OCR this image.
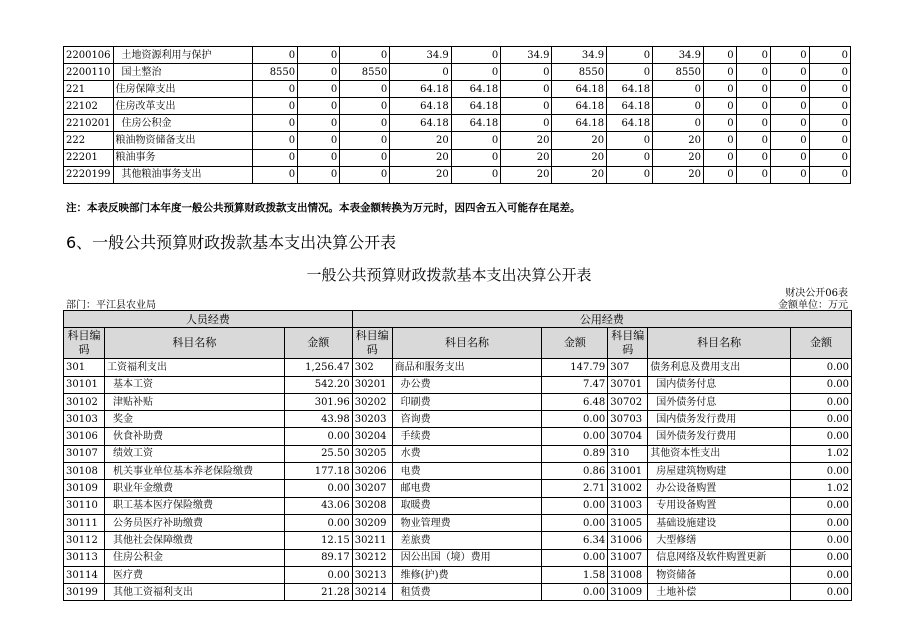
2200106	土地资源利用与保护	0	0	0	34.9	0	34.9	34.9	0	34.9	0	0	0	0
2200110	国土整治	8550	0	8550	0	0	0	8550	0	8550	0	0	0	0
221	住房保障支出	0	0	0	64.18	64.18	0	64.18	64.18	0	0	0	0	0
22102	住房改革支出	0	0	0	64.18	64.18	0	64.18	64.18	0	0	0	0	0
2210201	住房公积金	0	0	0	64.18	64.18	0	64.18	64.18	0	0	0	0	0
222	粮油物资储备支出	0	0	0	20	0	20	20	0	20	0	0	0	0
22201	粮油事务	0	0	0	20	0	20	20	0	20	0	0	0	0
2220199	其他粮油事务支出	0	0	0	20	0	20	20	0	20	0	0	0	0
注：本表反映部门本年度一般公共预算财政拨款支出情况。本表金额转换为万元时，因四舍五入可能存在尾差。
6、一般公共预算财政拨款基本支出决算公开表
一般公共预算财政拨款基本支出决算公开表
财决公开06表
金额单位：万元
部门：平江县农业局
人员经费			公用经费					
科目编码	科目名称	金额	科目编码	科目名称	金额	科目编码	科目名称	金额
301	工资福利支出	1,256.47	302	商品和服务支出	147.79	307	债务利息及费用支出	0.00
30101	基本工资	542.20	30201	办公费	7.47	30701	国内债务付息	0.00
30102	津贴补贴	301.96	30202	印刷费	6.48	30702	国外债务付息	0.00
30103	奖金	43.98	30203	咨询费	0.00	30703	国内债务发行费用	0.00
30106	伙食补助费	0.00	30204	手续费	0.00	30704	国外债务发行费用	0.00
30107	绩效工资	25.50	30205	水费	0.89	310	其他资本性支出	1.02
30108	机关事业单位基本养老保险缴费	177.18	30206	电费	0.86	31001	房屋建筑物购建	0.00
30109	职业年金缴费	0.00	30207	邮电费	2.71	31002	办公设备购置	1.02
30110	职工基本医疗保险缴费	43.06	30208	取暖费	0.00	31003	专用设备购置	0.00
30111	公务员医疗补助缴费	0.00	30209	物业管理费	0.00	31005	基础设施建设	0.00
30112	其他社会保障缴费	12.15	30211	差旅费	6.34	31006	大型修缮	0.00
30113	住房公积金	89.17	30212	因公出国（境）费用	0.00	31007	信息网络及软件购置更新	0.00
30114	医疗费	0.00	30213	维修(护)费	1.58	31008	物资储备	0.00
30199	其他工资福利支出	21.28	30214	租赁费	0.00	31009	土地补偿	0.00
